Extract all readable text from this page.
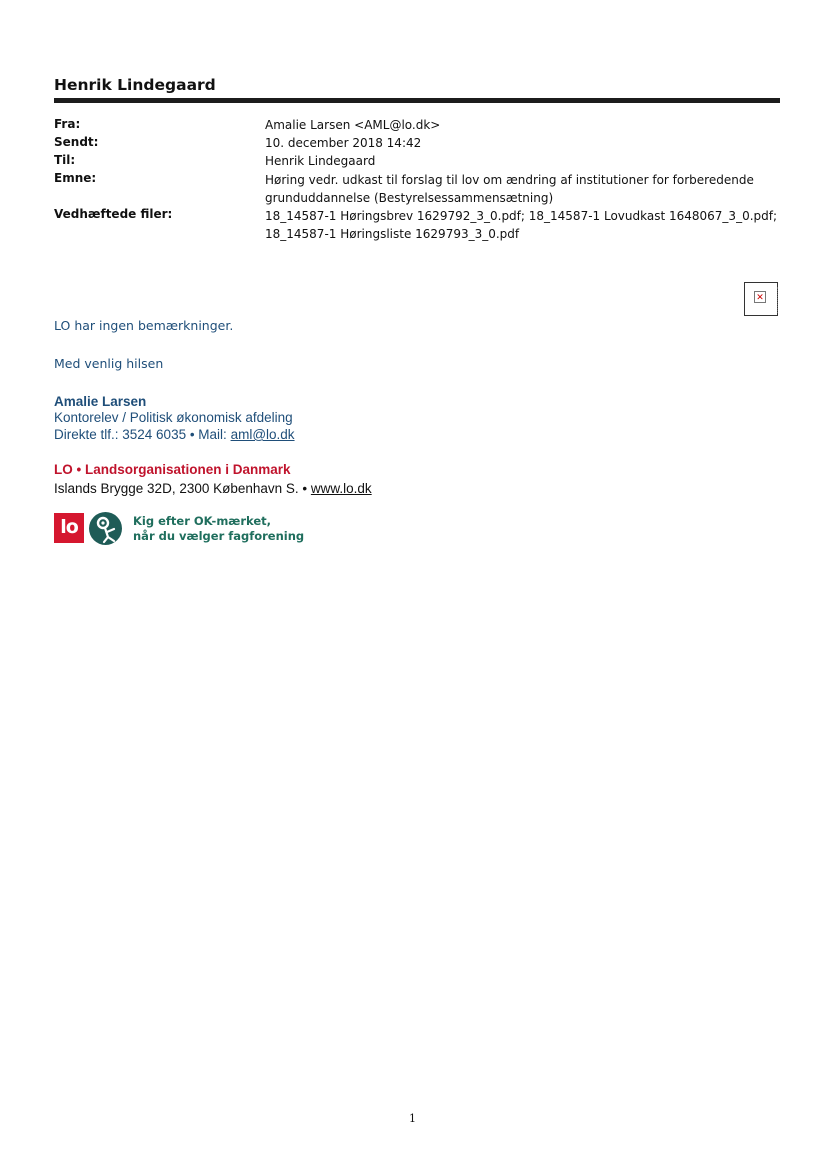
Henrik Lindegaard
Fra:
Sendt:
Til:
Emne:
Vedhæftede filer:
Amalie Larsen <AML@lo.dk>
10. december 2018 14:42
Henrik Lindegaard
Høring vedr. udkast til forslag til lov om ændring af institutioner for forberedende
grunduddannelse (Bestyrelsessammensætning)
18_14587-1 Høringsbrev 1629792_3_0.pdf; 18_14587-1 Lovudkast 1648067_3_0.pdf;
18_14587-1 Høringsliste 1629793_3_0.pdf
✕
LO har ingen bemærkninger.
Med venlig hilsen
Amalie Larsen
Kontorelev / Politisk økonomisk afdeling
Direkte tlf.: 3524 6035 • Mail: aml@lo.dk
LO • Landsorganisationen i Danmark
Islands Brygge 32D, 2300 København S. • www.lo.dk
lo	Kig efter OK-mærket,
når du vælger fagforening
1
